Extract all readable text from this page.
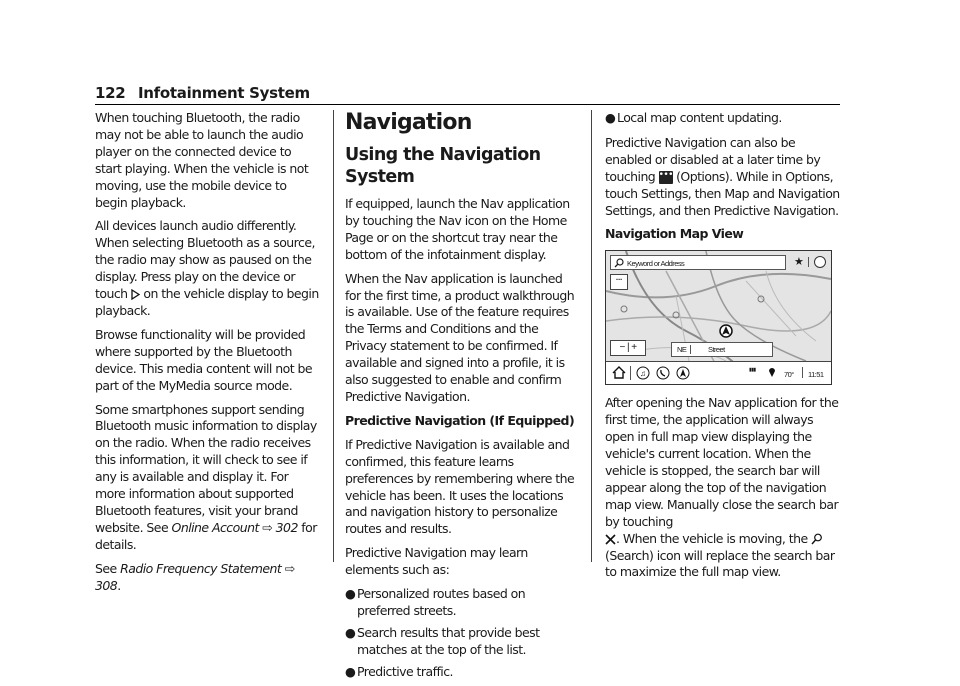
122 Infotainment System

When touching Bluetooth, the radio may not be able to launch the audio player on the connected device to start playing. When the vehicle is not moving, use the mobile device to begin playback.

All devices launch audio differently. When selecting Bluetooth as a source, the radio may show as paused on the display. Press play on the device or touch on the vehicle display to begin playback.

Browse functionality will be provided where supported by the Bluetooth device. This media content will not be part of the MyMedia source mode.

Some smartphones support sending Bluetooth music information to display on the radio. When the radio receives this information, it will check to see if any is available and display it. For more information about supported Bluetooth features, visit your brand website. See Online Account ⇨ 302 for details.

See Radio Frequency Statement ⇨ 308.

Navigation
Using the Navigation System

If equipped, launch the Nav application by touching the Nav icon on the Home Page or on the shortcut tray near the bottom of the infotainment display.

When the Nav application is launched for the first time, a product walkthrough is available. Use of the feature requires the Terms and Conditions and the Privacy statement to be confirmed. If available and signed into a profile, it is also suggested to enable and confirm Predictive Navigation.

Predictive Navigation (If Equipped)

If Predictive Navigation is available and confirmed, this feature learns preferences by remembering where the vehicle has been. It uses the locations and navigation history to personalize routes and results.

Predictive Navigation may learn elements such as:

● Personalized routes based on preferred streets.
● Search results that provide best matches at the top of the list.
● Predictive traffic.
● Local map content updating.

Predictive Navigation can also be enabled or disabled at a later time by touching ••• (Options). While in Options, touch Settings, then Map and Navigation Settings, and then Predictive Navigation.

Navigation Map View

Keyword or Address	★
···
− | +	NE	Street
♫	▮▮▮	70° 11:51

After opening the Nav application for the first time, the application will always open in full map view displaying the vehicle's current location. When the vehicle is stopped, the search bar will appear along the top of the navigation map view. Manually close the search bar by touching
. When the vehicle is moving, the  (Search) icon will replace the search bar to maximize the full map view.
